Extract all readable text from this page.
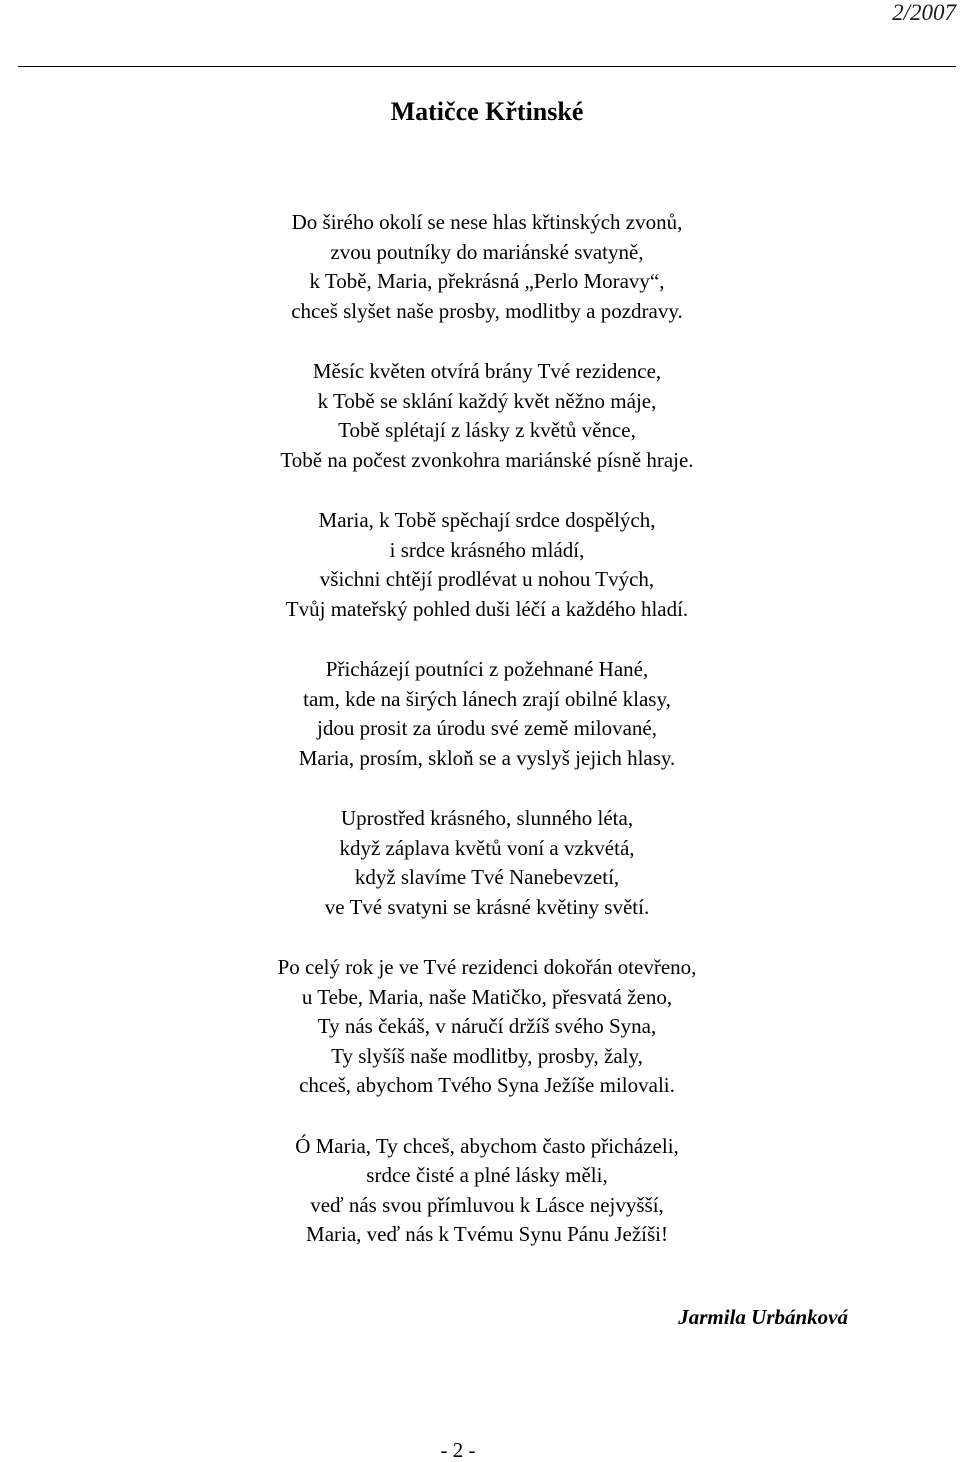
2/2007
Matičce Křtinské
Do širého okolí se nese hlas křtinských zvonů,
zvou poutníky do mariánské svatyně,
k Tobě, Maria, překrásná „Perlo Moravy“,
chceš slyšet naše prosby, modlitby a pozdravy.
Měsíc květen otvírá brány Tvé rezidence,
k Tobě se sklání každý květ něžno máje,
Tobě splétají z lásky z květů věnce,
Tobě na počest zvonkohra mariánské písně hraje.
Maria, k Tobě spěchají srdce dospělých,
i srdce krásného mládí,
všichni chtějí prodlévat u nohou Tvých,
Tvůj mateřský pohled duši léčí a každého hladí.
Přicházejí poutníci z požehnané Hané,
tam, kde na širých lánech zrají obilné klasy,
jdou prosit za úrodu své země milované,
Maria, prosím, skloň se a vyslyš jejich hlasy.
Uprostřed krásného, slunného léta,
když záplava květů voní a vzkvétá,
když slavíme Tvé Nanebevzetí,
ve Tvé svatyni se krásné květiny světí.
Po celý rok je ve Tvé rezidenci dokořán otevřeno,
u Tebe, Maria, naše Matičko, přesvatá ženo,
Ty nás čekáš, v náručí držíš svého Syna,
Ty slyšíš naše modlitby, prosby, žaly,
chceš, abychom Tvého Syna Ježíše milovali.
Ó Maria, Ty chceš, abychom často přicházeli,
srdce čisté a plné lásky měli,
veď nás svou přímluvou k Lásce nejvyšší,
Maria, veď nás k Tvému Synu Pánu Ježíši!
Jarmila Urbánková
- 2 -
